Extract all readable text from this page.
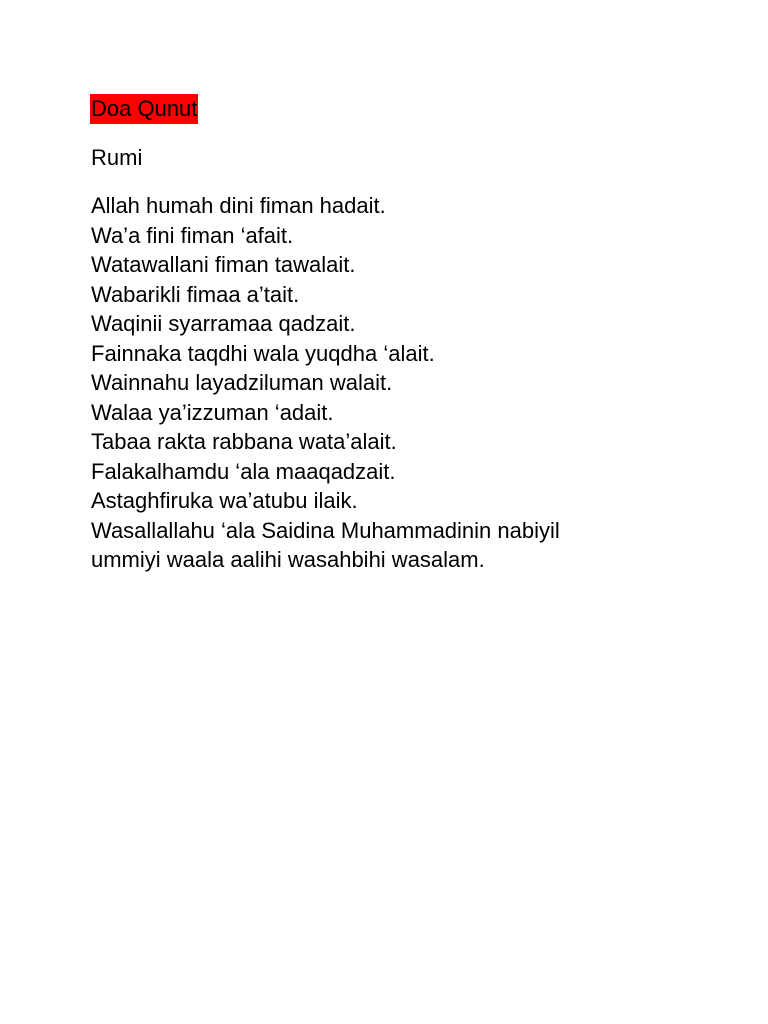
Doa Qunut
Rumi
Allah humah dini fiman hadait.
Wa’a fini fiman ‘afait.
Watawallani fiman tawalait.
Wabarikli fimaa a’tait.
Waqinii syarramaa qadzait.
Fainnaka taqdhi wala yuqdha ‘alait.
Wainnahu layadziluman walait.
Walaa ya’izzuman ‘adait.
Tabaa rakta rabbana wata’alait.
Falakalhamdu ‘ala maaqadzait.
Astaghfiruka wa’atubu ilaik.
Wasallallahu ‘ala Saidina Muhammadinin nabiyil
ummiyi waala aalihi wasahbihi wasalam.
